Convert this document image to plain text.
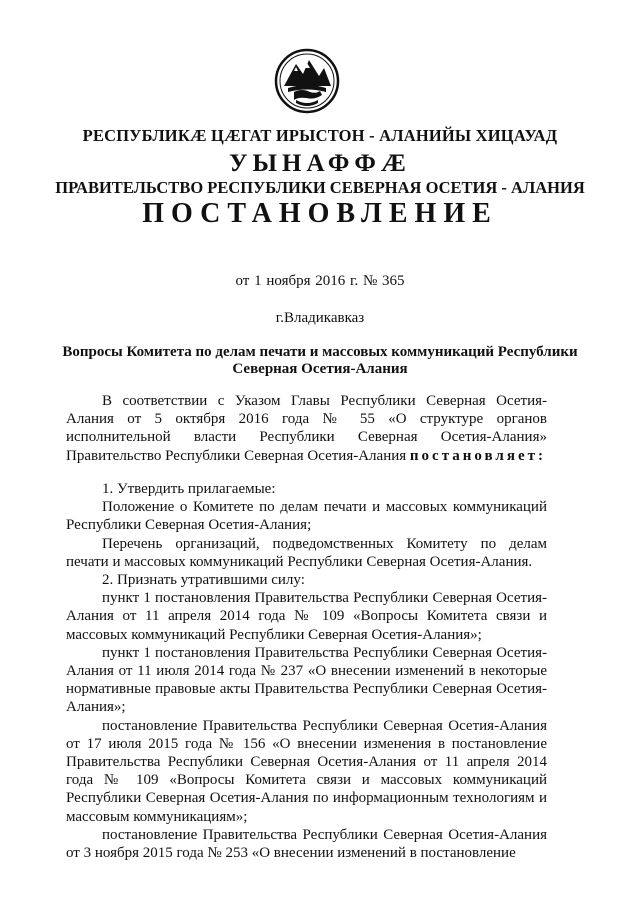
РЕСПУБЛИКӔ ЦӔГАТ ИРЫСТОН - АЛАНИЙЫ ХИЦАУАД
УЫНАФФӔ
ПРАВИТЕЛЬСТВО РЕСПУБЛИКИ СЕВЕРНАЯ ОСЕТИЯ - АЛАНИЯ
ПОСТАНОВЛЕНИЕ
от 1 ноября 2016 г. № 365
г.Владикавказ
Вопросы Комитета по делам печати и массовых коммуникаций Республики Северная Осетия-Алания

В соответствии с Указом Главы Республики Северная Осетия-Алания от 5 октября 2016 года № 55 «О структуре органов исполнительной власти Республики Северная Осетия-Алания» Правительство Республики Северная Осетия-Алания постановляет:

1. Утвердить прилагаемые:

Положение о Комитете по делам печати и массовых коммуникаций Республики Северная Осетия-Алания;

Перечень организаций, подведомственных Комитету по делам печати и массовых коммуникаций Республики Северная Осетия-Алания.

2. Признать утратившими силу:

пункт 1 постановления Правительства Республики Северная Осетия-Алания от 11 апреля 2014 года № 109 «Вопросы Комитета связи и массовых коммуникаций Республики Северная Осетия-Алания»;

пункт 1 постановления Правительства Республики Северная Осетия-Алания от 11 июля 2014 года № 237 «О внесении изменений в некоторые нормативные правовые акты Правительства Республики Северная Осетия-Алания»;

постановление Правительства Республики Северная Осетия-Алания от 17 июля 2015 года № 156 «О внесении изменения в постановление Правительства Республики Северная Осетия-Алания от 11 апреля 2014 года № 109 «Вопросы Комитета связи и массовых коммуникаций Республики Северная Осетия-Алания по информационным технологиям и массовым коммуникациям»;

постановление Правительства Республики Северная Осетия-Алания от 3 ноября 2015 года № 253 «О внесении изменений в постановление
